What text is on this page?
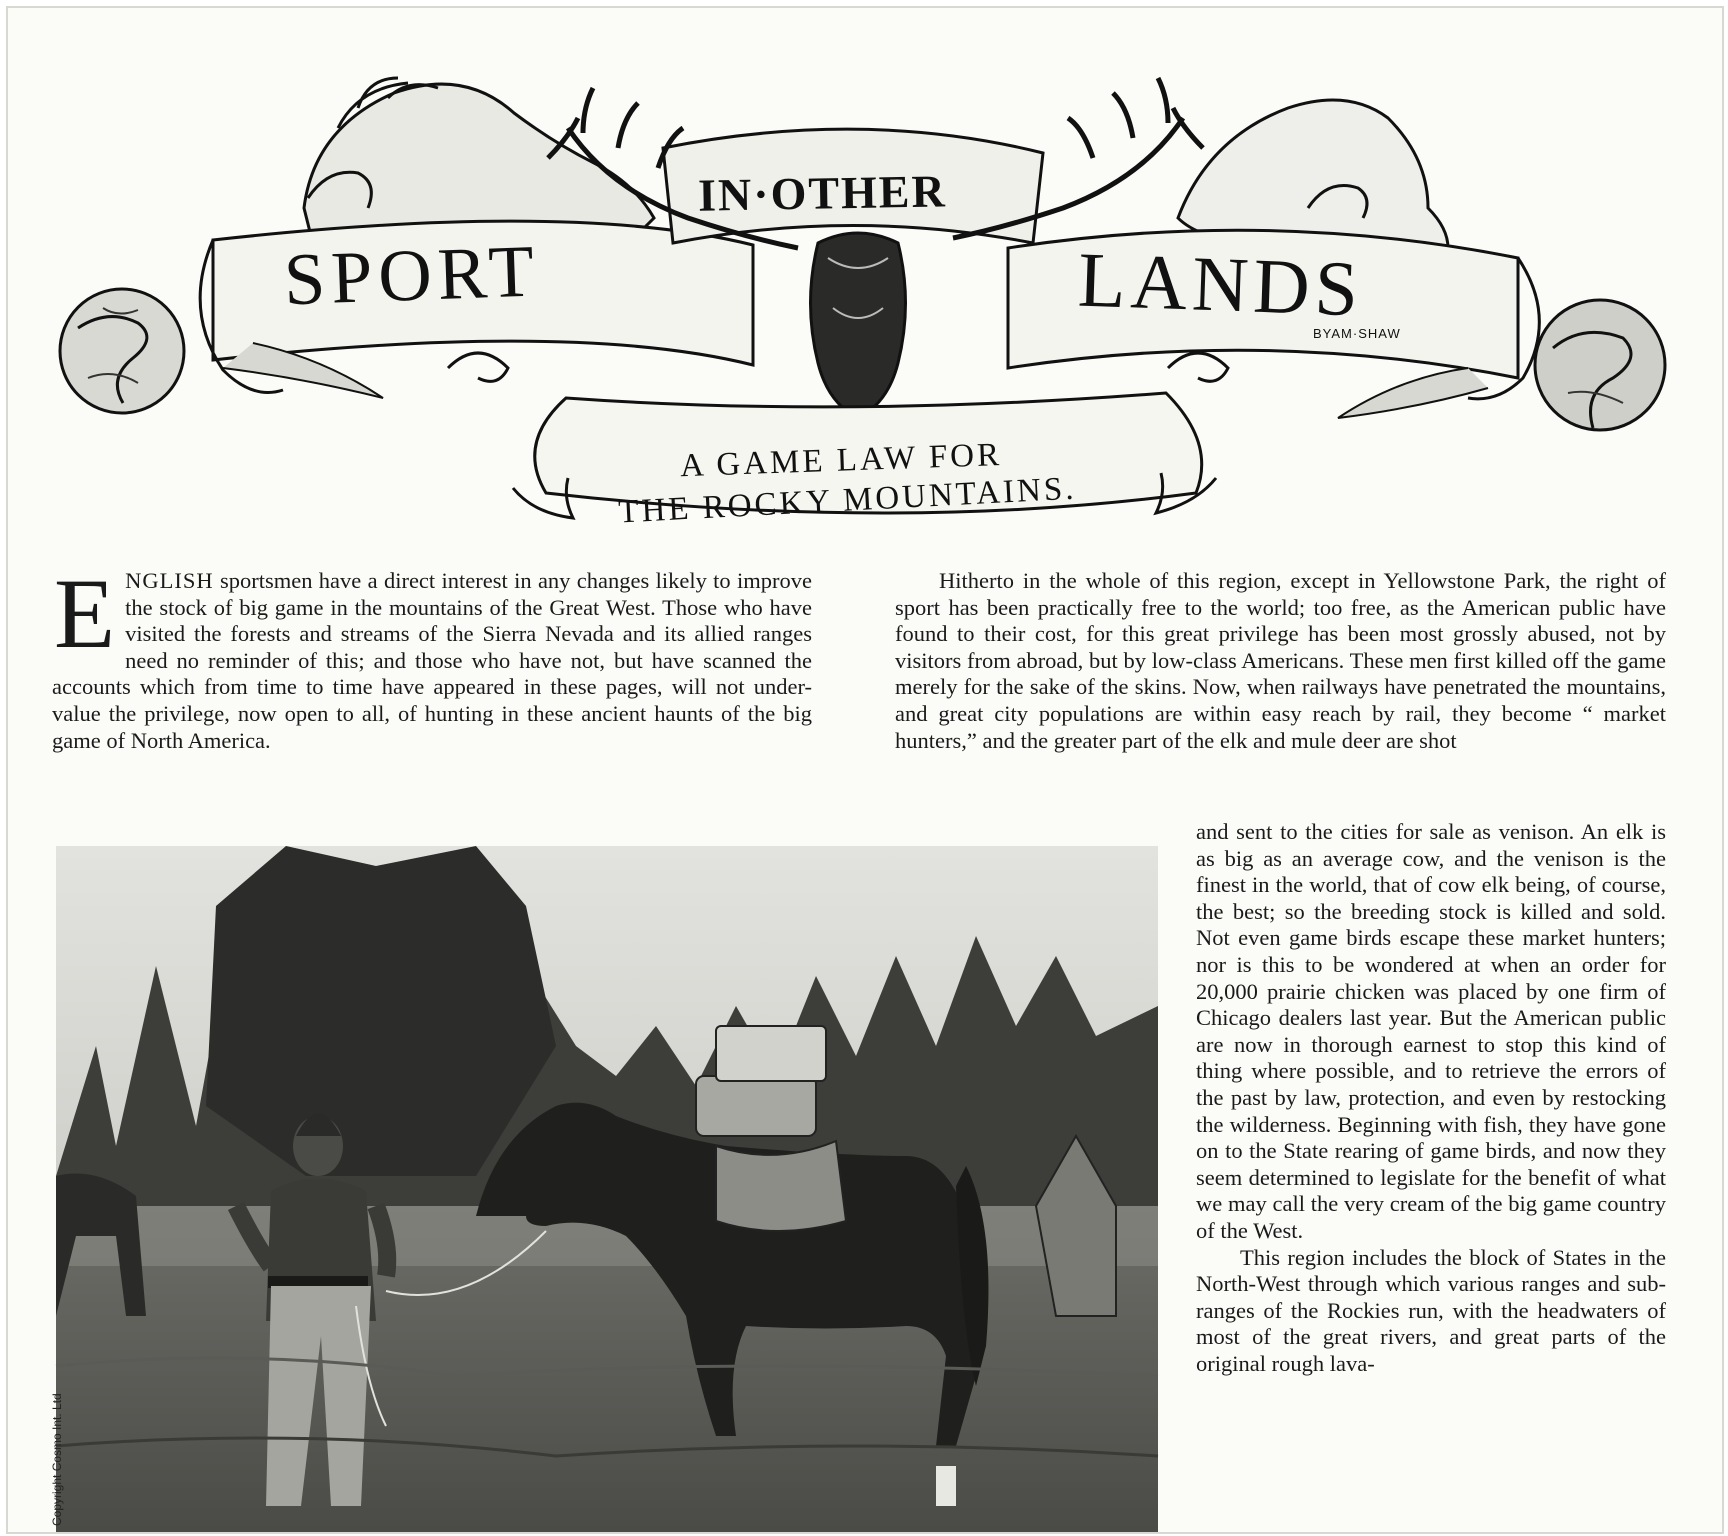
SPORT
IN·OTHER
LANDS
BYAM·SHAW
A GAME LAW FOR
THE ROCKY MOUNTAINS.

ENGLISH sportsmen have a direct interest in any changes likely to improve the stock of big game in the mountains of the Great West. Those who have visited the forests and streams of the Sierra Nevada and its allied ranges need no reminder of this; and those who have not, but have scanned the accounts which from time to time have appeared in these pages, will not under-value the privilege, now open to all, of hunting in these ancient haunts of the big game of North America.

Hitherto in the whole of this region, except in Yellowstone Park, the right of sport has been practically free to the world; too free, as the American public have found to their cost, for this great privilege has been most grossly abused, not by visitors from abroad, but by low-class Americans. These men first killed off the game merely for the sake of the skins. Now, when railways have penetrated the mountains, and great city populations are within easy reach by rail, they become “ market hunters,” and the greater part of the elk and mule deer are shot

and sent to the cities for sale as venison. An elk is as big as an average cow, and the venison is the finest in the world, that of cow elk being, of course, the best; so the breeding stock is killed and sold. Not even game birds escape these market hunters; nor is this to be wondered at when an order for 20,000 prairie chicken was placed by one firm of Chicago dealers last year. But the American public are now in thorough earnest to stop this kind of thing where possible, and to retrieve the errors of the past by law, protection, and even by restocking the wilderness. Beginning with fish, they have gone on to the State rearing of game birds, and now they seem determined to legislate for the benefit of what we may call the very cream of the big game country of the West.

This region includes the block of States in the North-West through which various ranges and sub-ranges of the Rockies run, with the headwaters of most of the great rivers, and great parts of the original rough lava-

Copyright Cosmo Int. Ltd
